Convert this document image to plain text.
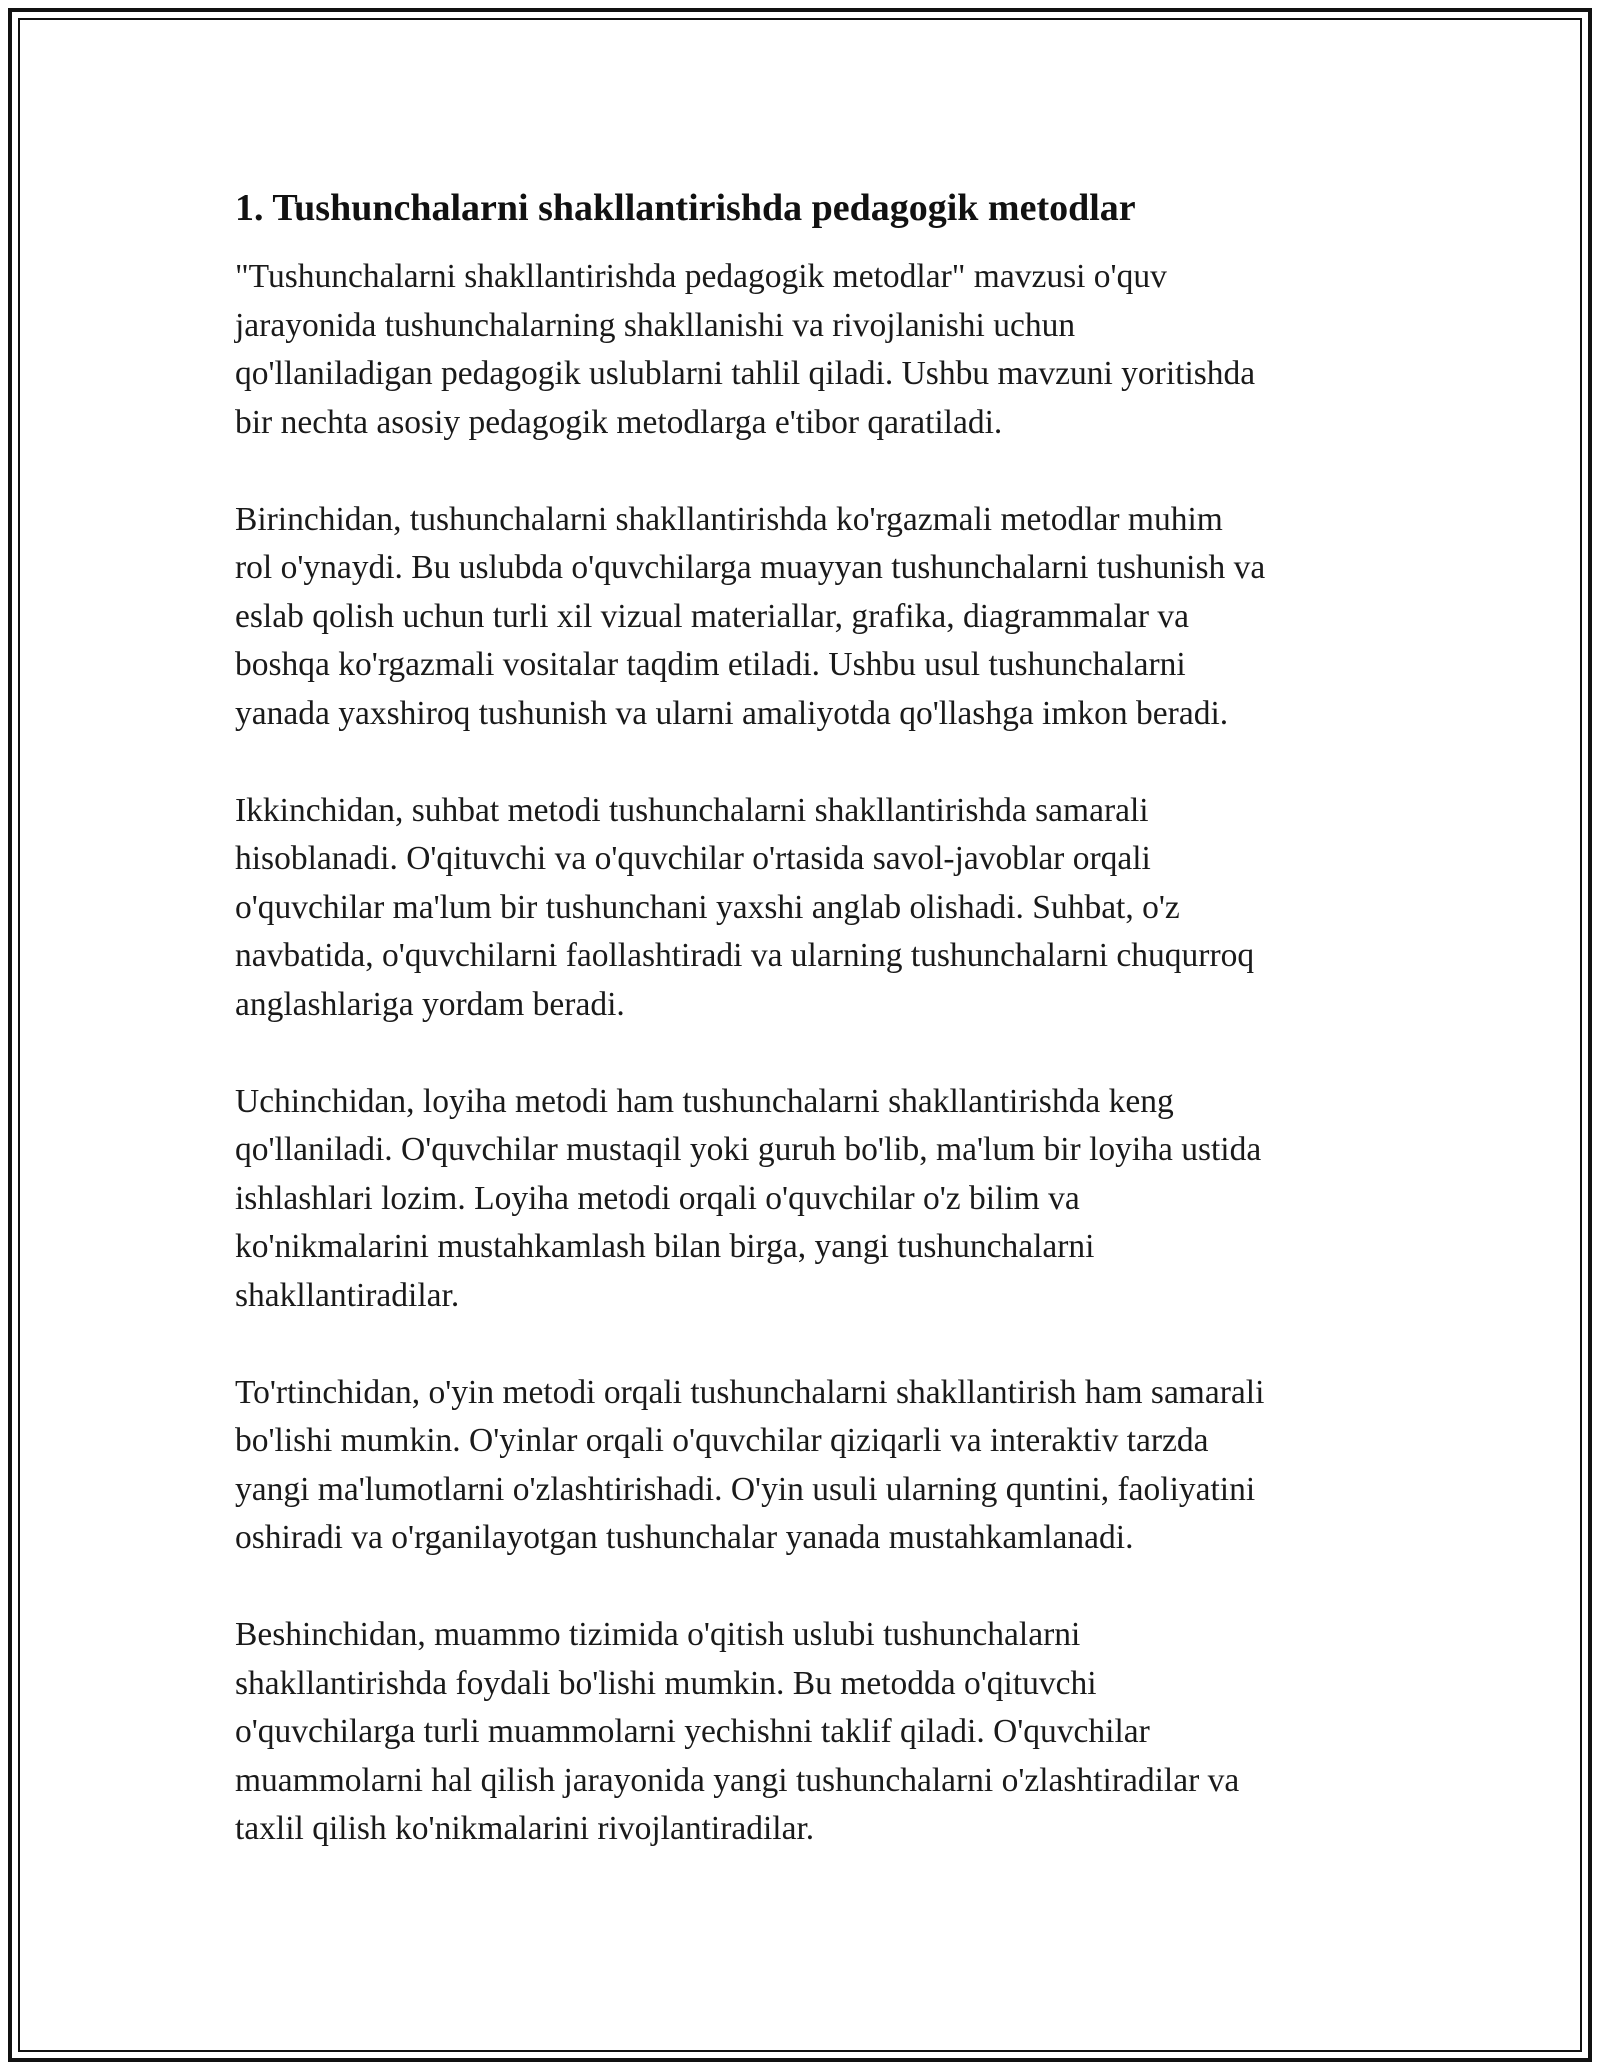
1. Tushunchalarni shakllantirishda pedagogik metodlar

"Tushunchalarni shakllantirishda pedagogik metodlar" mavzusi o'quv
jarayonida tushunchalarning shakllanishi va rivojlanishi uchun
qo'llaniladigan pedagogik uslublarni tahlil qiladi. Ushbu mavzuni yoritishda
bir nechta asosiy pedagogik metodlarga e'tibor qaratiladi.

Birinchidan, tushunchalarni shakllantirishda ko'rgazmali metodlar muhim
rol o'ynaydi. Bu uslubda o'quvchilarga muayyan tushunchalarni tushunish va
eslab qolish uchun turli xil vizual materiallar, grafika, diagrammalar va
boshqa ko'rgazmali vositalar taqdim etiladi. Ushbu usul tushunchalarni
yanada yaxshiroq tushunish va ularni amaliyotda qo'llashga imkon beradi.

Ikkinchidan, suhbat metodi tushunchalarni shakllantirishda samarali
hisoblanadi. O'qituvchi va o'quvchilar o'rtasida savol-javoblar orqali
o'quvchilar ma'lum bir tushunchani yaxshi anglab olishadi. Suhbat, o'z
navbatida, o'quvchilarni faollashtiradi va ularning tushunchalarni chuqurroq
anglashlariga yordam beradi.

Uchinchidan, loyiha metodi ham tushunchalarni shakllantirishda keng
qo'llaniladi. O'quvchilar mustaqil yoki guruh bo'lib, ma'lum bir loyiha ustida
ishlashlari lozim. Loyiha metodi orqali o'quvchilar o'z bilim va
ko'nikmalarini mustahkamlash bilan birga, yangi tushunchalarni
shakllantiradilar.

To'rtinchidan, o'yin metodi orqali tushunchalarni shakllantirish ham samarali
bo'lishi mumkin. O'yinlar orqali o'quvchilar qiziqarli va interaktiv tarzda
yangi ma'lumotlarni o'zlashtirishadi. O'yin usuli ularning quntini, faoliyatini
oshiradi va o'rganilayotgan tushunchalar yanada mustahkamlanadi.

Beshinchidan, muammo tizimida o'qitish uslubi tushunchalarni
shakllantirishda foydali bo'lishi mumkin. Bu metodda o'qituvchi
o'quvchilarga turli muammolarni yechishni taklif qiladi. O'quvchilar
muammolarni hal qilish jarayonida yangi tushunchalarni o'zlashtiradilar va
taxlil qilish ko'nikmalarini rivojlantiradilar.
